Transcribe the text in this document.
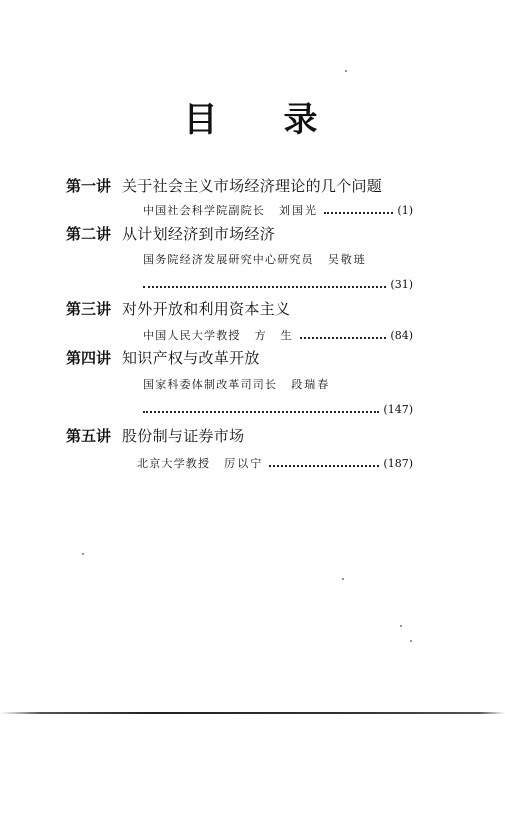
目 录
第一讲 关于社会主义市场经济理论的几个问题
中国社会科学院副院长 刘国光	(1)
第二讲 从计划经济到市场经济
国务院经济发展研究中心研究员 吴敬琏
(31)
第三讲 对外开放和利用资本主义
中国人民大学教授 方　生	(84)
第四讲 知识产权与改革开放
国家科委体制改革司司长 段瑞春
(147)
第五讲 股份制与证券市场
北京大学教授 厉以宁	(187)
